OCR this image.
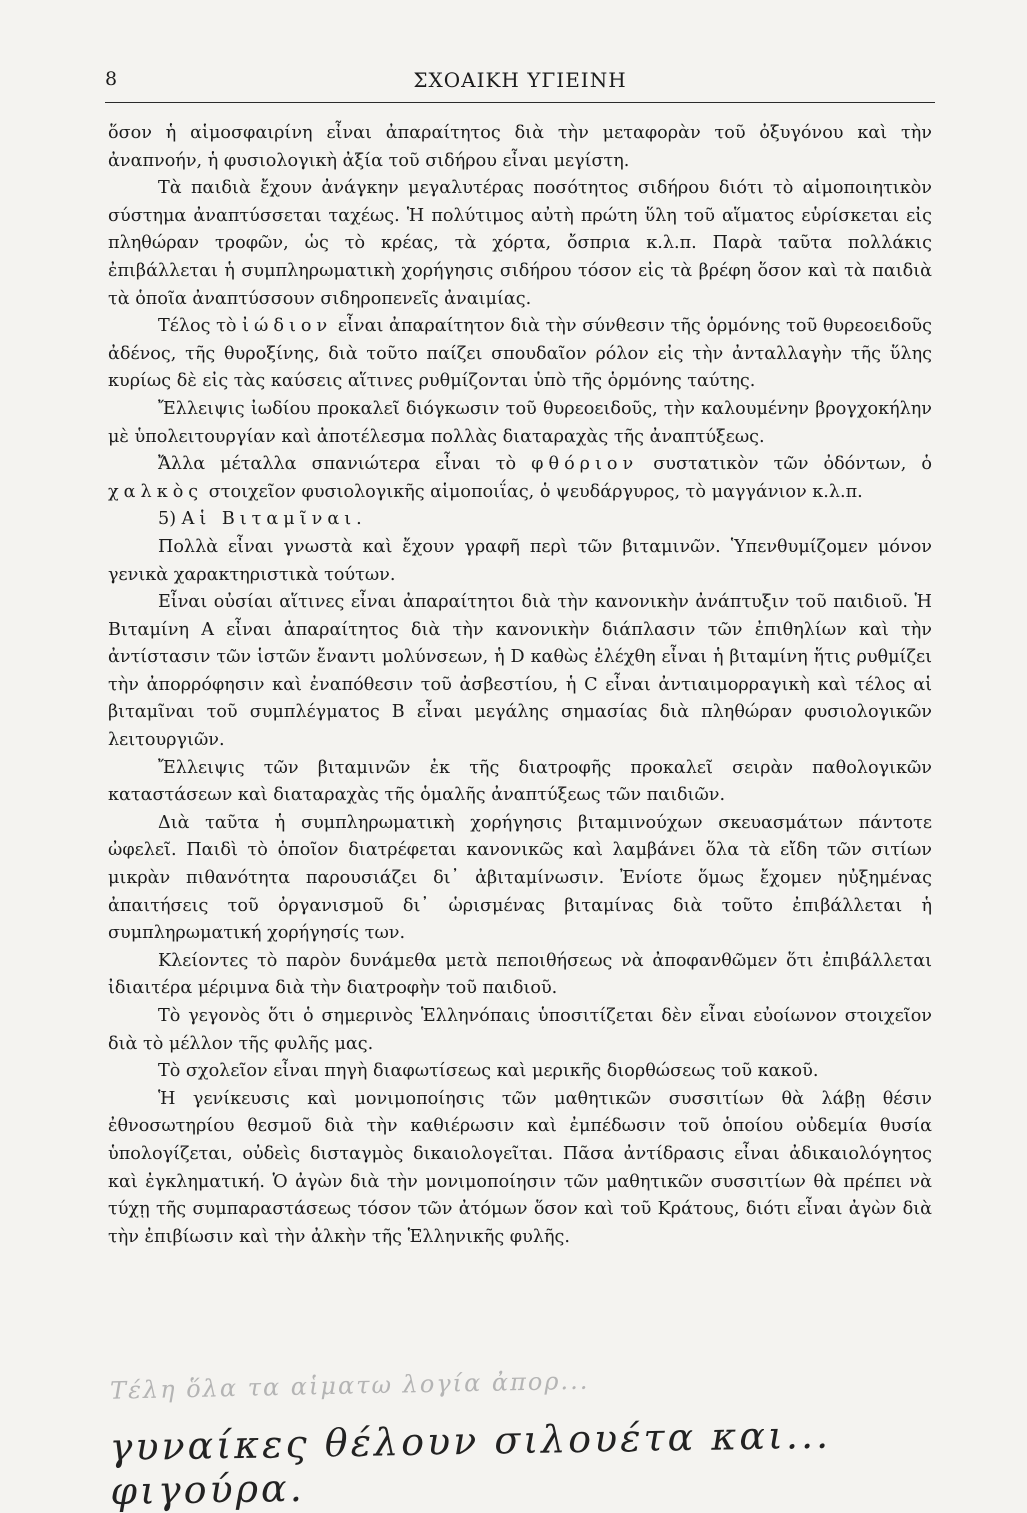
8	ΣΧΟΑΙΚΗ ΥΓΙΕΙΝΗ

ὅσον ἡ αἱμοσφαιρίνη εἶναι ἀπαραίτητος διὰ τὴν μεταφορὰν τοῦ ὀξυγόνου καὶ τὴν ἀναπνοήν, ἡ φυσιολογικὴ ἀξία τοῦ σιδήρου εἶναι μεγίστη.

Τὰ παιδιὰ ἔχουν ἀνάγκην μεγαλυτέρας ποσότητος σιδήρου διότι τὸ αἱμοποιητικὸν σύστημα ἀναπτύσσεται ταχέως. Ἡ πολύτιμος αὐτὴ πρώτη ὕλη τοῦ αἵματος εὑρίσκεται εἰς πληθώραν τροφῶν, ὡς τὸ κρέας, τὰ χόρτα, ὄσπρια κ.λ.π. Παρὰ ταῦτα πολλάκις ἐπιβάλλεται ἡ συμπληρωματικὴ χορήγησις σιδήρου τόσον εἰς τὰ βρέφη ὅσον καὶ τὰ παιδιὰ τὰ ὁποῖα ἀναπτύσσουν σιδηροπενεῖς ἀναιμίας.

Τέλος τὸ ἰώδιον εἶναι ἀπαραίτητον διὰ τὴν σύνθεσιν τῆς ὁρμόνης τοῦ θυρεοειδοῦς ἀδένος, τῆς θυροξίνης, διὰ τοῦτο παίζει σπουδαῖον ρόλον εἰς τὴν ἀνταλλαγὴν τῆς ὕλης κυρίως δὲ εἰς τὰς καύσεις αἵτινες ρυθμίζονται ὑπὸ τῆς ὁρμόνης ταύτης.

Ἔλλειψις ἰωδίου προκαλεῖ διόγκωσιν τοῦ θυρεοειδοῦς, τὴν καλουμένην βρογχοκήλην μὲ ὑπολειτουργίαν καὶ ἀποτέλεσμα πολλὰς διαταραχὰς τῆς ἀναπτύξεως.

Ἄλλα μέταλλα σπανιώτερα εἶναι τὸ φθόριον συστατικὸν τῶν ὀδόντων, ὁ χαλκὸς στοιχεῖον φυσιολογικῆς αἱμοποιΐας, ὁ ψευδάργυρος, τὸ μαγγάνιον κ.λ.π.

5) Αἱ Βιταμῖναι.

Πολλὰ εἶναι γνωστὰ καὶ ἔχουν γραφῆ περὶ τῶν βιταμινῶν. Ὑπενθυμίζομεν μόνον γενικὰ χαρακτηριστικὰ τούτων.

Εἶναι οὐσίαι αἵτινες εἶναι ἀπαραίτητοι διὰ τὴν κανονικὴν ἀνάπτυξιν τοῦ παιδιοῦ. Ἡ Βιταμίνη Α εἶναι ἀπαραίτητος διὰ τὴν κανονικὴν διάπλασιν τῶν ἐπιθηλίων καὶ τὴν ἀντίστασιν τῶν ἱστῶν ἔναντι μολύνσεων, ἡ D καθὼς ἐλέχθη εἶναι ἡ βιταμίνη ἥτις ρυθμίζει τὴν ἀπορρόφησιν καὶ ἐναπόθεσιν τοῦ ἀσβεστίου, ἡ C εἶναι ἀντιαιμορραγικὴ καὶ τέλος αἱ βιταμῖναι τοῦ συμπλέγματος Β εἶναι μεγάλης σημασίας διὰ πληθώραν φυσιολογικῶν λειτουργιῶν.

Ἔλλειψις τῶν βιταμινῶν ἐκ τῆς διατροφῆς προκαλεῖ σειρὰν παθολογικῶν καταστάσεων καὶ διαταραχὰς τῆς ὁμαλῆς ἀναπτύξεως τῶν παιδιῶν.

Διὰ ταῦτα ἡ συμπληρωματικὴ χορήγησις βιταμινούχων σκευασμάτων πάντοτε ὠφελεῖ. Παιδὶ τὸ ὁποῖον διατρέφεται κανονικῶς καὶ λαμβάνει ὅλα τὰ εἴδη τῶν σιτίων μικρὰν πιθανότητα παρουσιάζει δι᾿ ἀβιταμίνωσιν. Ἐνίοτε ὅμως ἔχομεν ηὐξημένας ἀπαιτήσεις τοῦ ὀργανισμοῦ δι᾿ ὡρισμένας βιταμίνας διὰ τοῦτο ἐπιβάλλεται ἡ συμπληρωματική χορήγησίς των.

Κλείοντες τὸ παρὸν δυνάμεθα μετὰ πεποιθήσεως νὰ ἀποφανθῶμεν ὅτι ἐπιβάλλεται ἰδιαιτέρα μέριμνα διὰ τὴν διατροφὴν τοῦ παιδιοῦ.

Τὸ γεγονὸς ὅτι ὁ σημερινὸς Ἑλληνόπαις ὑποσιτίζεται δὲν εἶναι εὐοίωνον στοιχεῖον διὰ τὸ μέλλον τῆς φυλῆς μας.

Τὸ σχολεῖον εἶναι πηγὴ διαφωτίσεως καὶ μερικῆς διορθώσεως τοῦ κακοῦ.

Ἡ γενίκευσις καὶ μονιμοποίησις τῶν μαθητικῶν συσσιτίων θὰ λάβῃ θέσιν ἐθνοσωτηρίου θεσμοῦ διὰ τὴν καθιέρωσιν καὶ ἐμπέδωσιν τοῦ ὁποίου οὐδεμία θυσία ὑπολογίζεται, οὐδεὶς δισταγμὸς δικαιολογεῖται. Πᾶσα ἀντίδρασις εἶναι ἀδικαιολόγητος καὶ ἐγκληματική. Ὁ ἀγὼν διὰ τὴν μονιμοποίησιν τῶν μαθητικῶν συσσιτίων θὰ πρέπει νὰ τύχῃ τῆς συμπαραστάσεως τόσον τῶν ἀτόμων ὅσον καὶ τοῦ Κράτους, διότι εἶναι ἀγὼν διὰ τὴν ἐπιβίωσιν καὶ τὴν ἀλκὴν τῆς Ἑλληνικῆς φυλῆς.

Τέλη ὅλα τα αἱματω λογία ἀπορ...
γυναίκες θέλουν σιλουέτα και... φιγούρα.
